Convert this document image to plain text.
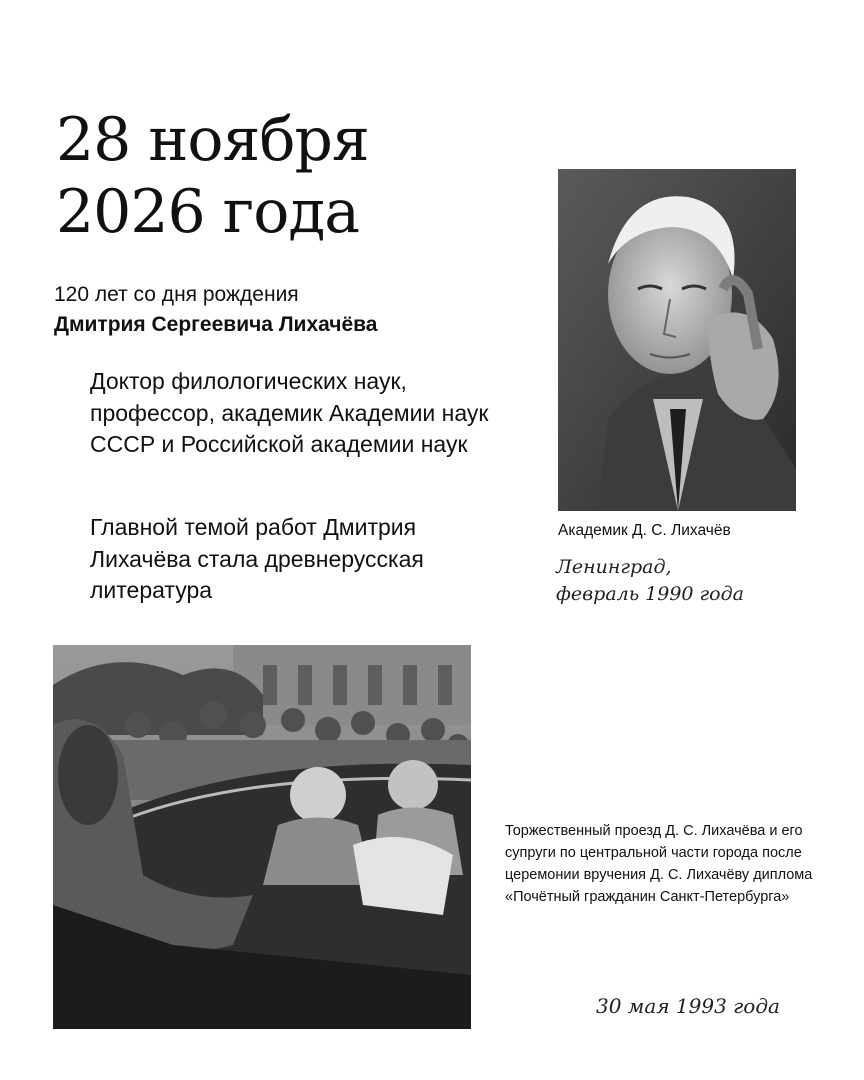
28 ноября
2026 года
120 лет со дня рождения
Дмитрия Сергеевича Лихачёва

Доктор филологических наук, профессор, академик Академии наук СССР и Российской академии наук

Главной темой работ Дмитрия Лихачёва стала древнерусская литература

Академик Д. С. Лихачёв
Ленинград,
февраль 1990 года

Торжественный проезд Д. С. Лихачёва и его супруги по центральной части города после церемонии вручения Д. С. Лихачёву диплома «Почётный гражданин Санкт-Петербурга»

30 мая 1993 года
